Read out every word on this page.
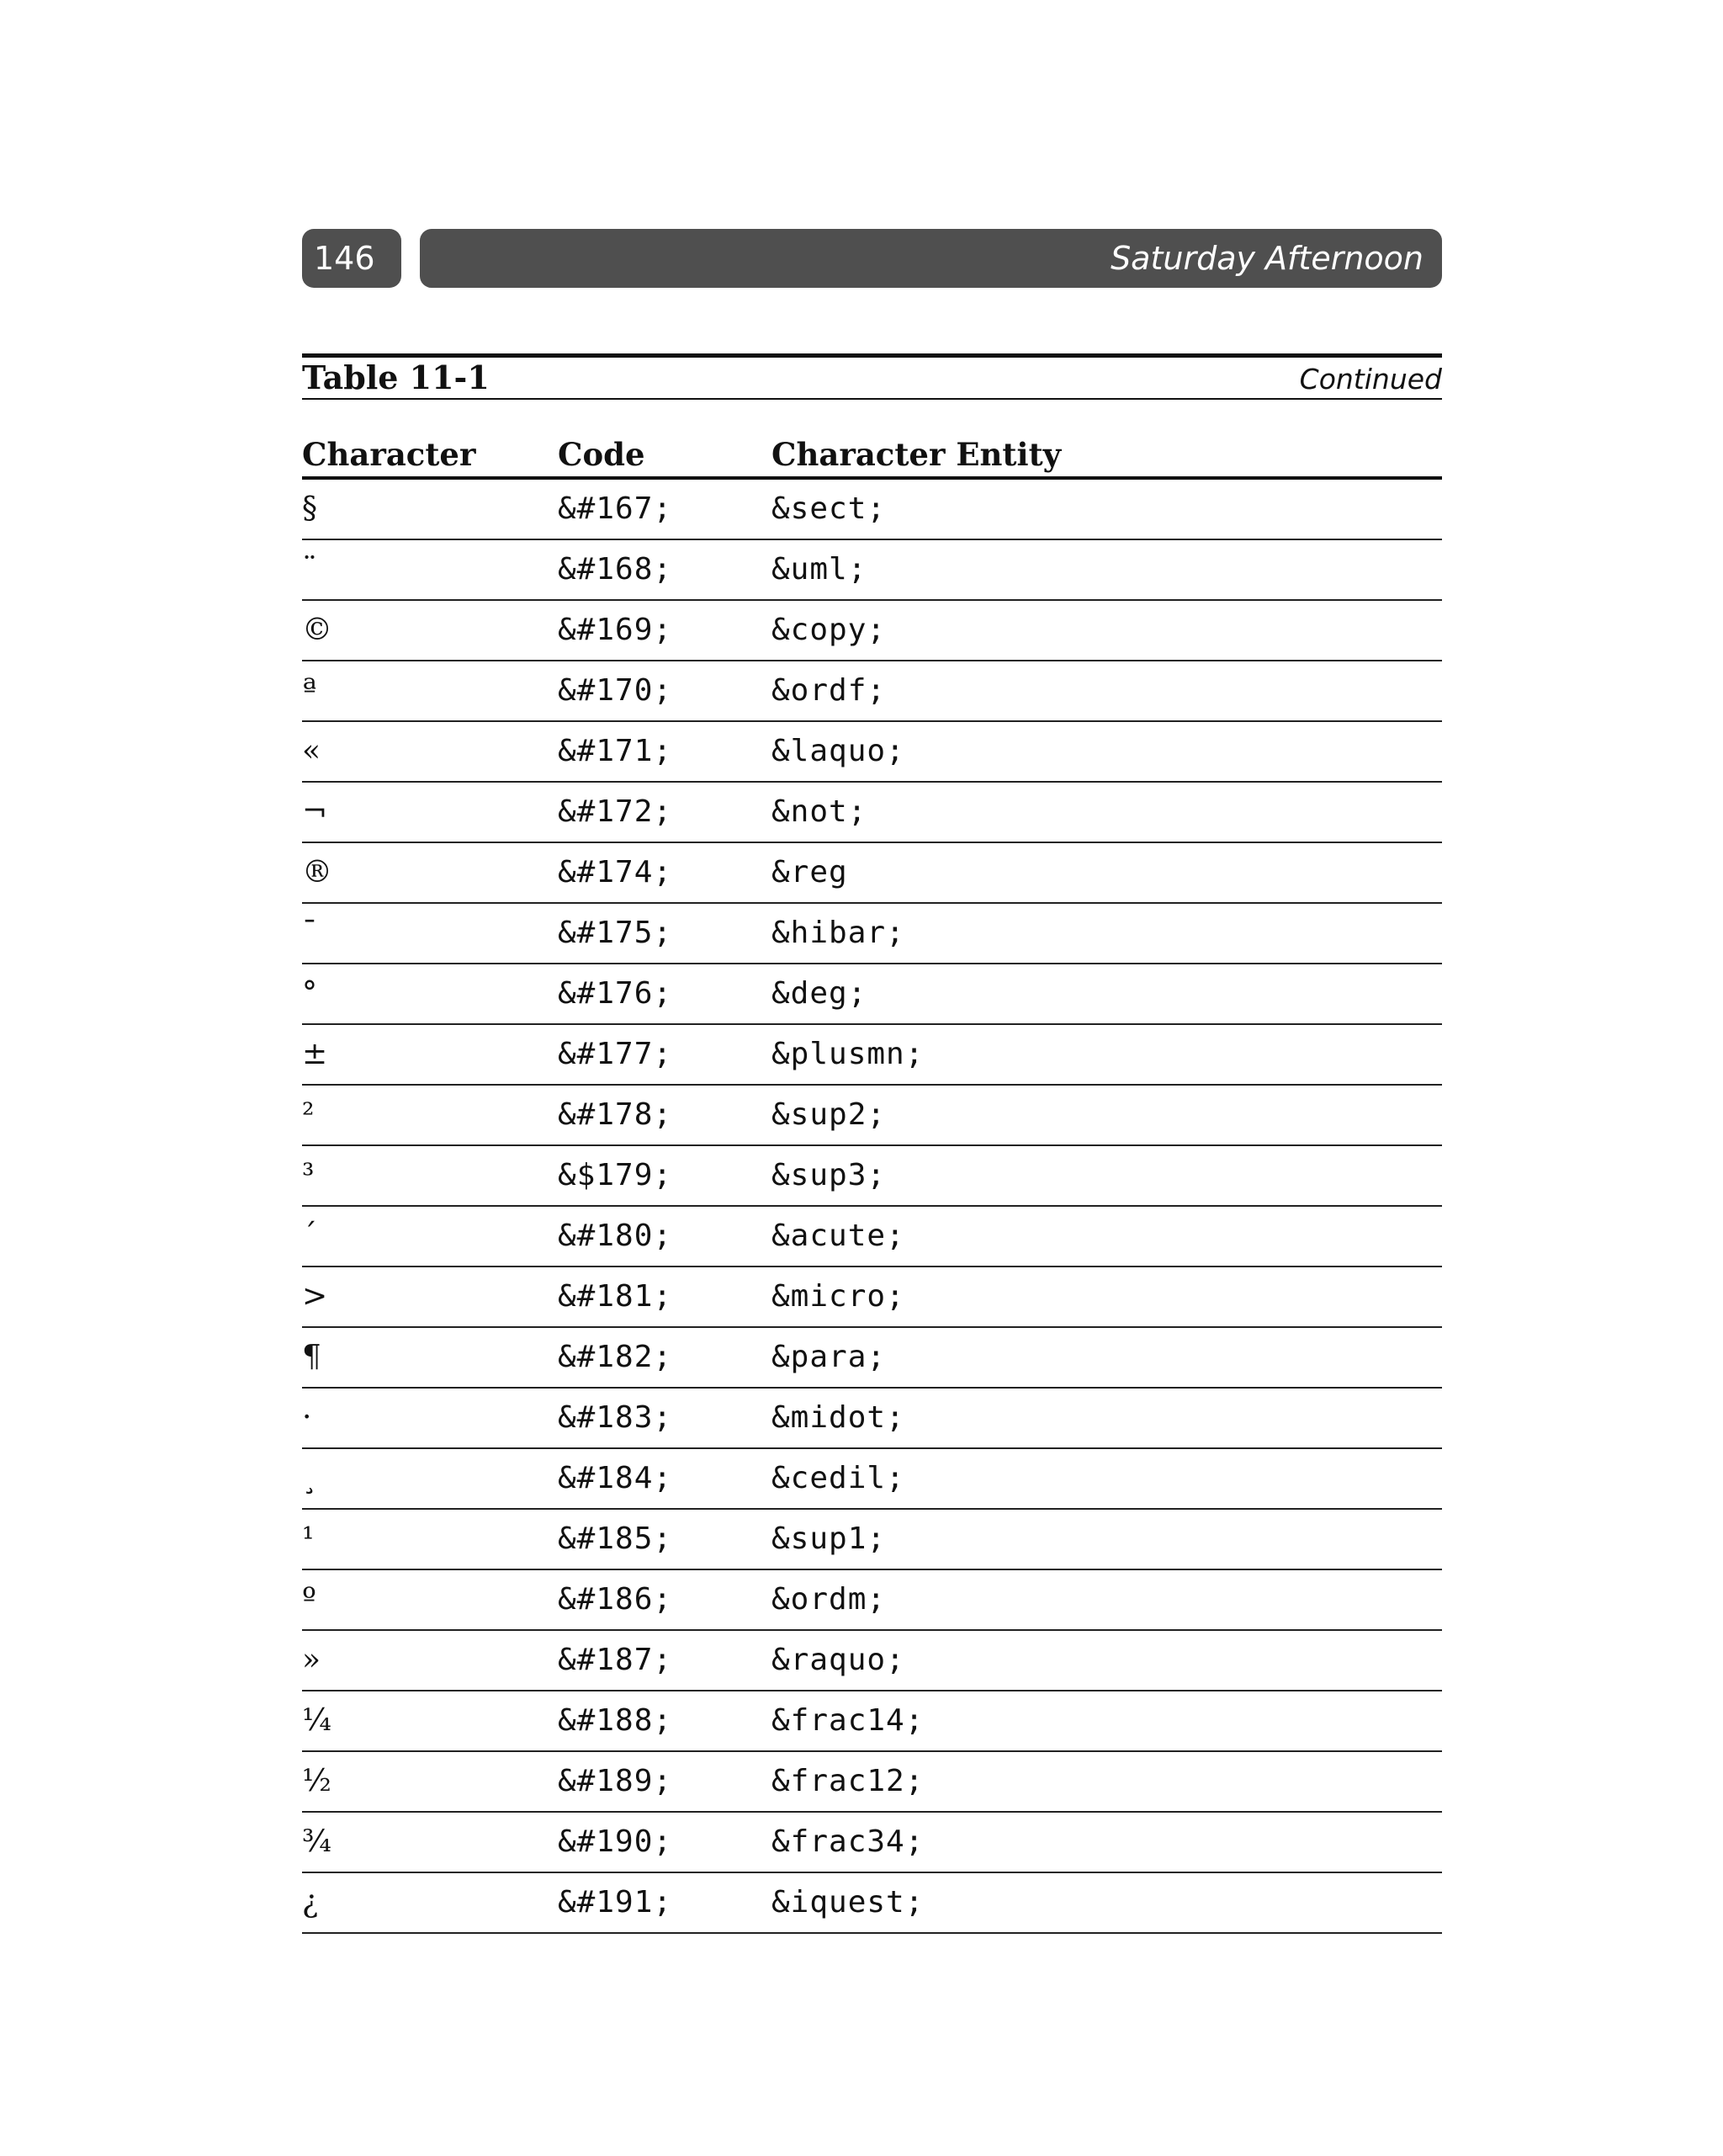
146	Saturday Afternoon
Table 11-1	Continued
Character	Code	Character Entity
§	&#167;	&sect;
¨	&#168;	&uml;
©	&#169;	&copy;
ª	&#170;	&ordf;
«	&#171;	&laquo;
¬	&#172;	&not;
®	&#174;	&reg
¯	&#175;	&hibar;
°	&#176;	&deg;
±	&#177;	&plusmn;
²	&#178;	&sup2;
³	&$179;	&sup3;
´	&#180;	&acute;
>	&#181;	&micro;
¶	&#182;	&para;
·	&#183;	&midot;
¸	&#184;	&cedil;
¹	&#185;	&sup1;
º	&#186;	&ordm;
»	&#187;	&raquo;
¼	&#188;	&frac14;
½	&#189;	&frac12;
¾	&#190;	&frac34;
¿	&#191;	&iquest;
